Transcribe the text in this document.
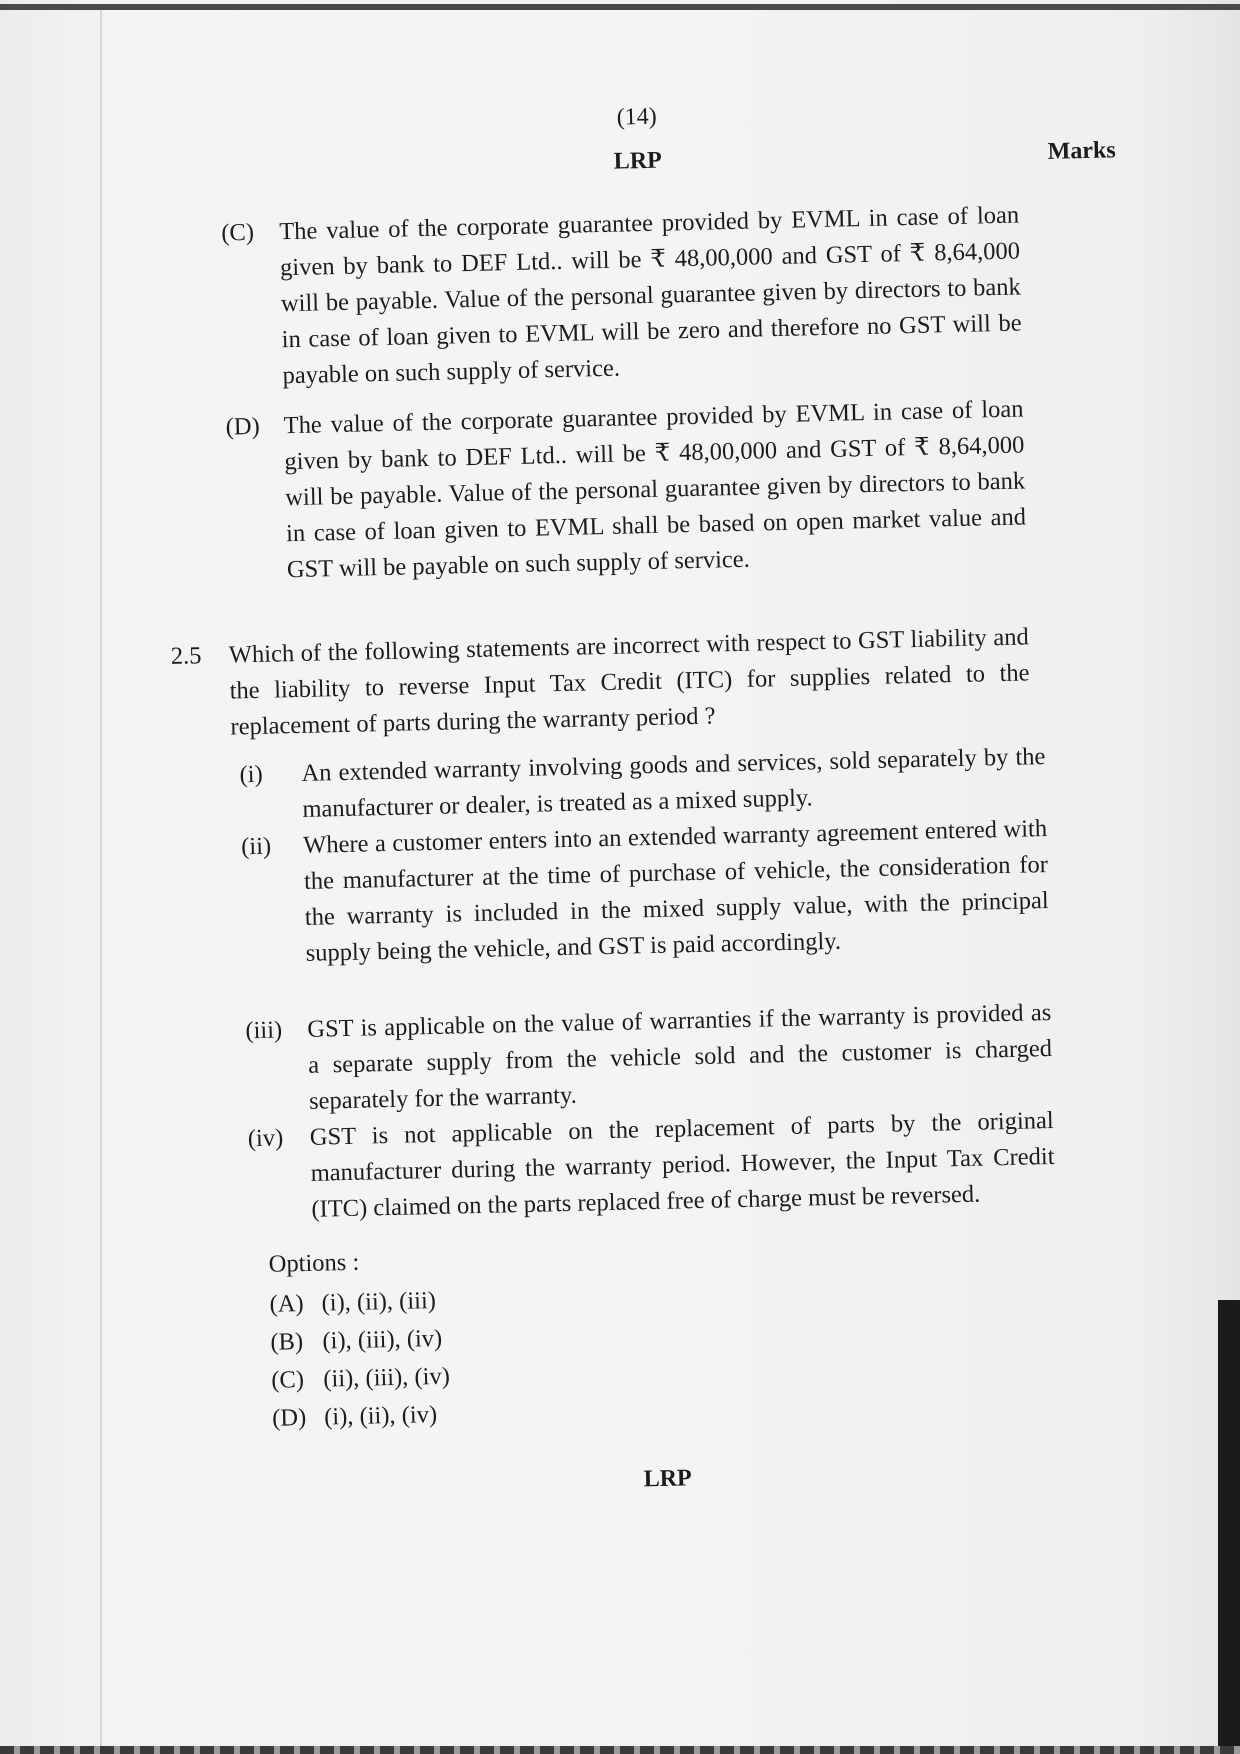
(14)
LRP	Marks
(C) The value of the corporate guarantee provided by EVML in case of loan given by bank to DEF Ltd.. will be ₹ 48,00,000 and GST of ₹ 8,64,000 will be payable. Value of the personal guarantee given by directors to bank in case of loan given to EVML will be zero and therefore no GST will be payable on such supply of service.
(D) The value of the corporate guarantee provided by EVML in case of loan given by bank to DEF Ltd.. will be ₹ 48,00,000 and GST of ₹ 8,64,000 will be payable. Value of the personal guarantee given by directors to bank in case of loan given to EVML shall be based on open market value and GST will be payable on such supply of service.
2.5 Which of the following statements are incorrect with respect to GST liability and the liability to reverse Input Tax Credit (ITC) for supplies related to the replacement of parts during the warranty period ?
(i) An extended warranty involving goods and services, sold separately by the manufacturer or dealer, is treated as a mixed supply.
(ii) Where a customer enters into an extended warranty agreement entered with the manufacturer at the time of purchase of vehicle, the consideration for the warranty is included in the mixed supply value, with the principal supply being the vehicle, and GST is paid accordingly.
(iii) GST is applicable on the value of warranties if the warranty is provided as a separate supply from the vehicle sold and the customer is charged separately for the warranty.
(iv) GST is not applicable on the replacement of parts by the original manufacturer during the warranty period. However, the Input Tax Credit (ITC) claimed on the parts replaced free of charge must be reversed.
Options :
(A) (i), (ii), (iii)
(B) (i), (iii), (iv)
(C) (ii), (iii), (iv)
(D) (i), (ii), (iv)
LRP
